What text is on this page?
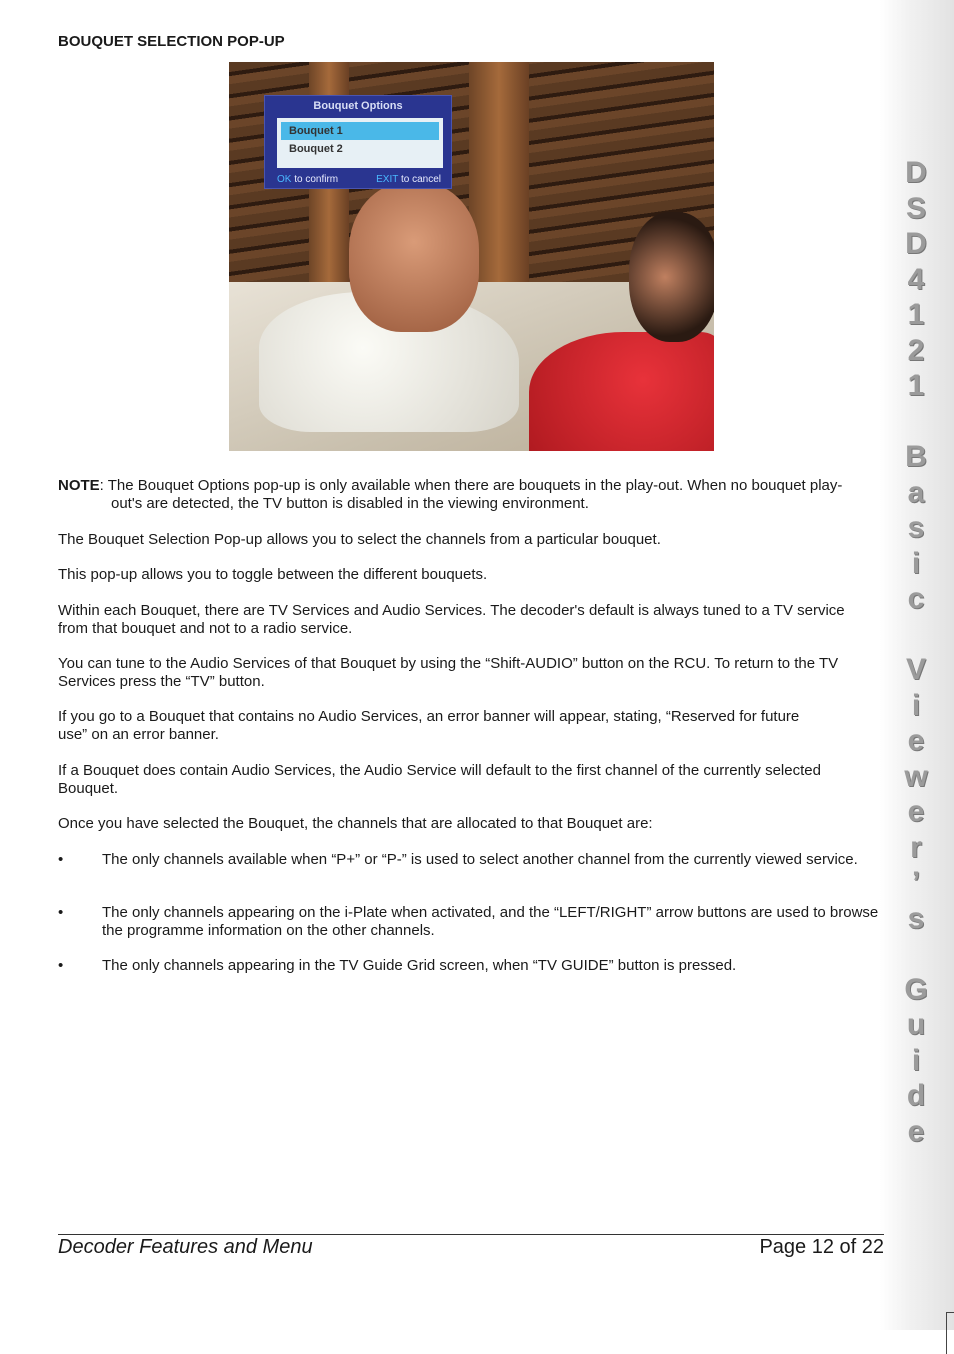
D
S
D
4
1
2
1
B
a
s
i
c
V
i
e
w
e
r
’
s
G
u
i
d
e
BOUQUET SELECTION POP-UP
Bouquet Options
Bouquet 1
Bouquet 2
OK to confirm	EXIT to cancel
NOTE: The Bouquet Options pop-up is only available when there are bouquets in the play-out. When no bouquet play-out's are detected, the TV button is disabled in the viewing environment.
The Bouquet Selection Pop-up allows you to select the channels from a particular bouquet.
This pop-up allows you to toggle between the different bouquets.
Within each Bouquet, there are TV Services and Audio Services. The decoder's default is always tuned to a TV service from that bouquet and not to a radio service.
You can tune to the Audio Services of that Bouquet by using the “Shift-AUDIO” button on the RCU. To return to the TV Services press the “TV” button.
If you go to a Bouquet that contains no Audio Services, an error banner will appear, stating, “Reserved for future use” on an error banner.
If a Bouquet does contain Audio Services, the Audio Service will default to the first channel of the currently selected Bouquet.
Once you have selected the Bouquet, the channels that are allocated to that Bouquet are:
•	The only channels available when “P+” or “P-” is used to select another channel from the currently viewed service.
•	The only channels appearing on the i-Plate when activated, and the “LEFT/RIGHT” arrow buttons are used to browse the programme information on the other channels.
•	The only channels appearing in the TV Guide Grid screen, when “TV GUIDE” button is pressed.
Decoder Features and Menu	Page 12 of 22
